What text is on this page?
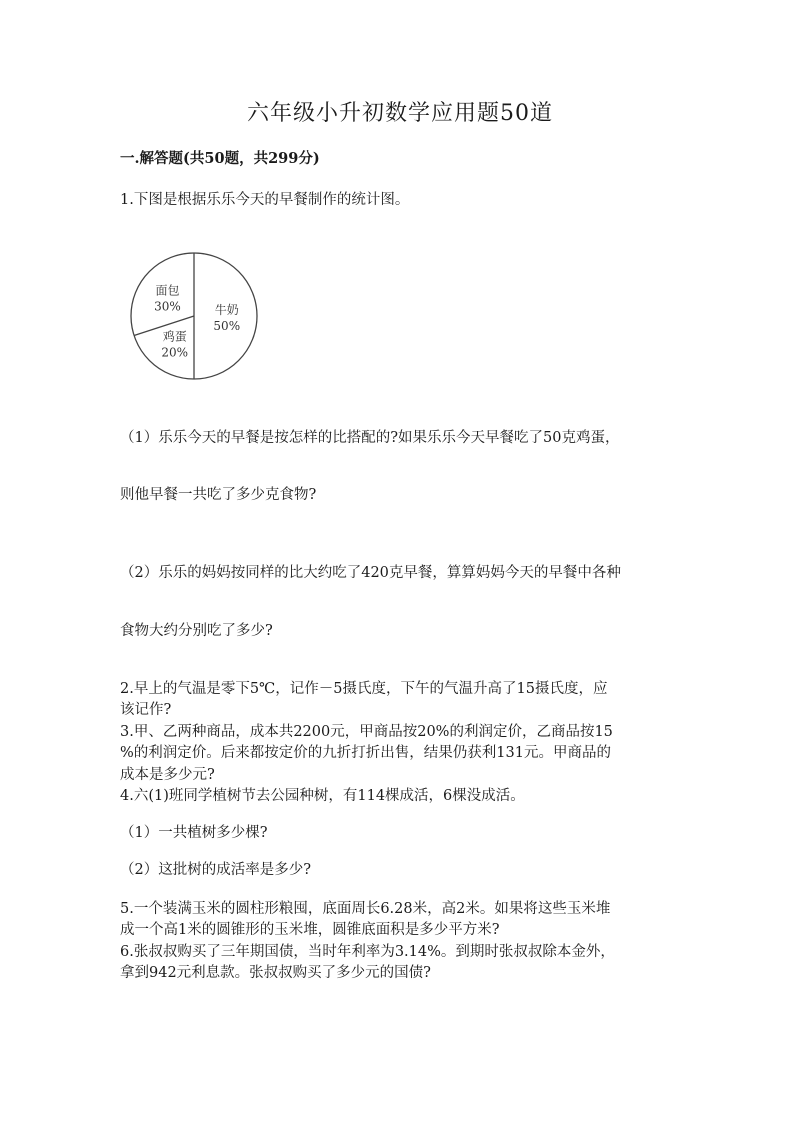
六年级小升初数学应用题50道
一.解答题(共50题，共299分)
1.下图是根据乐乐今天的早餐制作的统计图。
牛奶
50%
鸡蛋
20%
面包
30%
（1）乐乐今天的早餐是按怎样的比搭配的?如果乐乐今天早餐吃了50克鸡蛋，
则他早餐一共吃了多少克食物?
（2）乐乐的妈妈按同样的比大约吃了420克早餐，算算妈妈今天的早餐中各种
食物大约分别吃了多少?
2.早上的气温是零下5℃，记作－5摄氏度，下午的气温升高了15摄氏度，应
该记作?
3.甲、乙两种商品，成本共2200元，甲商品按20%的利润定价，乙商品按15
%的利润定价。后来都按定价的九折打折出售，结果仍获利131元。甲商品的
成本是多少元?
4.六(1)班同学植树节去公园种树，有114棵成活，6棵没成活。
（1）一共植树多少棵?
（2）这批树的成活率是多少?
5.一个装满玉米的圆柱形粮囤，底面周长6.28米，高2米。如果将这些玉米堆
成一个高1米的圆锥形的玉米堆，圆锥底面积是多少平方米?
6.张叔叔购买了三年期国债，当时年利率为3.14%。到期时张叔叔除本金外，
拿到942元利息款。张叔叔购买了多少元的国债?
